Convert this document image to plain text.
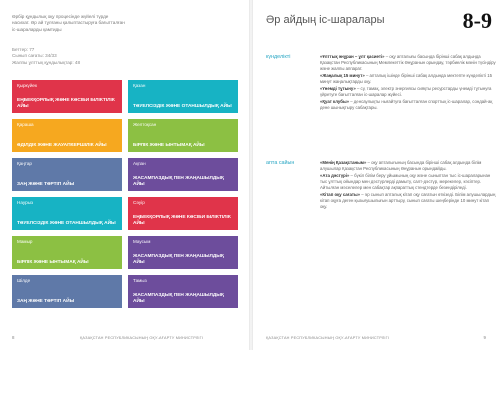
Өрбір құндылық оқу процесінде жүйелі түрде насихат. Әр ай тұлғаны қалыптастыруға бағытталған іс-шараларды қамтиды
Беттер: 77
Сынып сағаты: 34/33
Жалпы ұлттық құндылықтар: 48
Қыркүйек
ЕҢБЕКҚОРЛЫҚ ЖӘНЕ КӘСІБИ БІЛІКТІЛІК АЙЫ
Қазан
ТӘУЕЛСІЗДІК ЖӘНЕ ОТАНШЫЛДЫҚ АЙЫ
Қараша
ӘДІЛДІК ЖӘНЕ ЖАУАПКЕРШІЛІК АЙЫ
Желтоқсан
БІРЛІК ЖӘНЕ ЫНТЫМАҚ АЙЫ
Қаңтар
ЗАҢ ЖӘНЕ ТӘРТІП АЙЫ
Ақпан
ЖАСАМПАЗДЫҚ ПЕН ЖАҢАШЫЛДЫҚ АЙЫ
Наурыз
ТӘУЕЛСІЗДІК ЖӘНЕ ОТАНШЫЛДЫҚ АЙЫ
Сәуір
ЕҢБЕКҚОРЛЫҚ ЖӘНЕ КӘСІБИ БІЛІКТІЛІК АЙЫ
Мамыр
БІРЛІК ЖӘНЕ ЫНТЫМАҚ АЙЫ
Маусым
ЖАСАМПАЗДЫҚ ПЕН ЖАҢАШЫЛДЫҚ АЙЫ
Шілде
ЗАҢ ЖӘНЕ ТӘРТІП АЙЫ
Тамыз
ЖАСАМПАЗДЫҚ ПЕН ЖАҢАШЫЛДЫҚ АЙЫ
8	ҚАЗАҚСТАН РЕСПУБЛИКАСЫНЫҢ ОҚУ-АҒАРТУ МИНИСТРЛІГІ
Әр айдың іс-шаралары	8-9
күнделікті	«Ұлттық әнұран – ұлт қасиеті» – оқу апталығы басында бірінші сабақ алдында Қазақстан Республикасының Мемлекеттік Әнұранын орындау, тәрбиелік мәнін түсіндіру және жалпы аппарат.

«Жаңалық 15 минут» – апталық ішінде бірінші сабақ алдында мектепте күнделікті 15 минут жаңалықтарды оқу.

«Үнемді тұтыну» – су, тамақ, электр энергиясы сияқты ресурстарды үнемді тұтынуға үйретуге бағытталған іс-шаралар жүйесі.

«Қуат клубы» – денсаулықты нығайтуға бағытталған спорттық іс-шаралар, сондай-ақ дене шынықтыру сабақтары.

апта сайын	«Менің Қазақстаным» – оқу апталығының басында бірінші сабақ алдында білім алушылар Қазақстан Республикасының Әнұранын орындайды.

«Ата дәстүрі» – бүкіл білім беру ұйымының оқу және сыныптан тыс іс-шараларынан тыс ұлттық ойындар мен дәстүрлерді дамыту, салт-дәстүр, мерекелер, кәсіптер. Айтылған мәселелер мен сабақтар ақпараттық стендтерде безендіріледі.

«Кітап оқу сағаты» – әр сынып апталық кітап оқу сағатын өткізеді. Білім алушылардың кітап оқуға деген қызығушылығын арттыру, сынып сағаты шеңберінде 10 минут кітап оқу.

ҚАЗАҚСТАН РЕСПУБЛИКАСЫНЫҢ ОҚУ-АҒАРТУ МИНИСТРЛІГІ	9
